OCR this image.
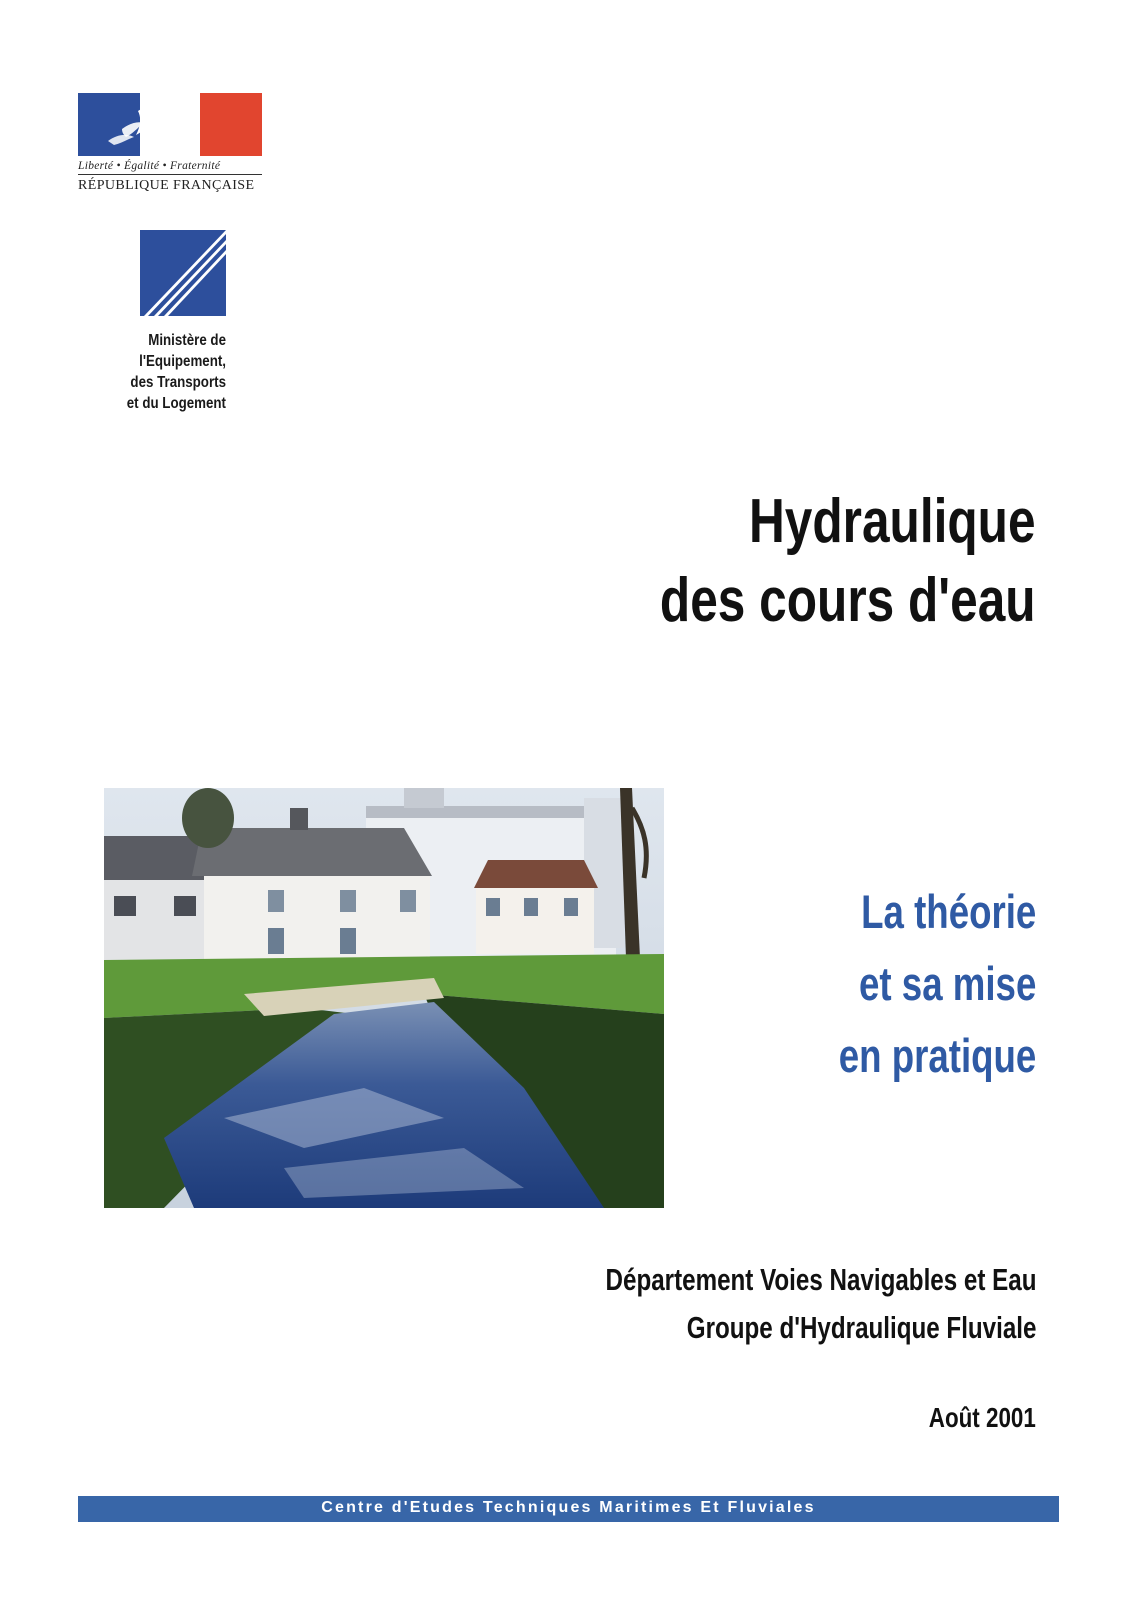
Liberté • Égalité • Fraternité
RÉPUBLIQUE FRANÇAISE
Ministère de
l'Equipement,
des Transports
et du Logement
Hydraulique
des cours d'eau
La théorie
et sa mise
en pratique
Département Voies Navigables et Eau
Groupe d'Hydraulique Fluviale
Août 2001
Centre d'Etudes Techniques Maritimes Et Fluviales
